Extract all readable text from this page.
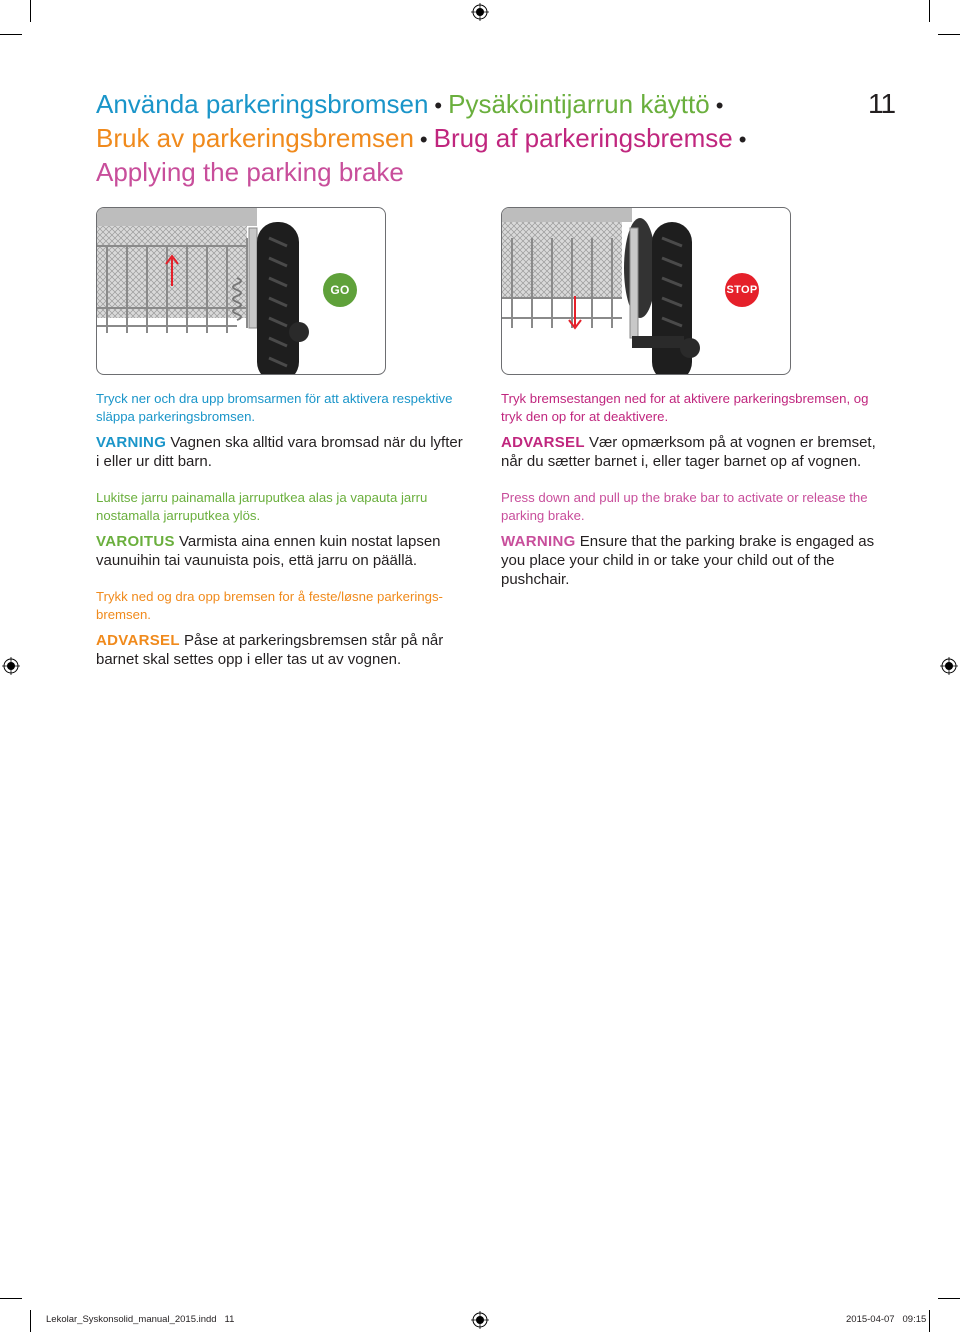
Använda parkeringsbromsen • Pysäköintijarrun käyttö •
Bruk av parkeringsbremsen • Brug af parkeringsbremse •
Applying the parking brake
11
GO	STOP

Tryck ner och dra upp bromsarmen för att aktivera respektive släppa parkeringsbromsen.

VARNING Vagnen ska alltid vara bromsad när du lyfter i eller ur ditt barn.

Lukitse jarru painamalla jarruputkea alas ja vapauta jarru nostamalla jarruputkea ylös.

VAROITUS Varmista aina ennen kuin nostat lapsen vaunuihin tai vaunuista pois, että jarru on päällä.

Trykk ned og dra opp bremsen for å feste/løsne parkerings-bremsen.

ADVARSEL Påse at parkeringsbremsen står på når barnet skal settes opp i eller tas ut av vognen.

Tryk bremsestangen ned for at aktivere parkeringsbremsen, og tryk den op for at deaktivere.

ADVARSEL Vær opmærksom på at vognen er bremset, når du sætter barnet i, eller tager barnet op af vognen.

Press down and pull up the brake bar to activate or release the parking brake.

WARNING Ensure that the parking brake is engaged as you place your child in or take your child out of the pushchair.

Lekolar_Syskonsolid_manual_2015.indd   11	2015-04-07   09:15
